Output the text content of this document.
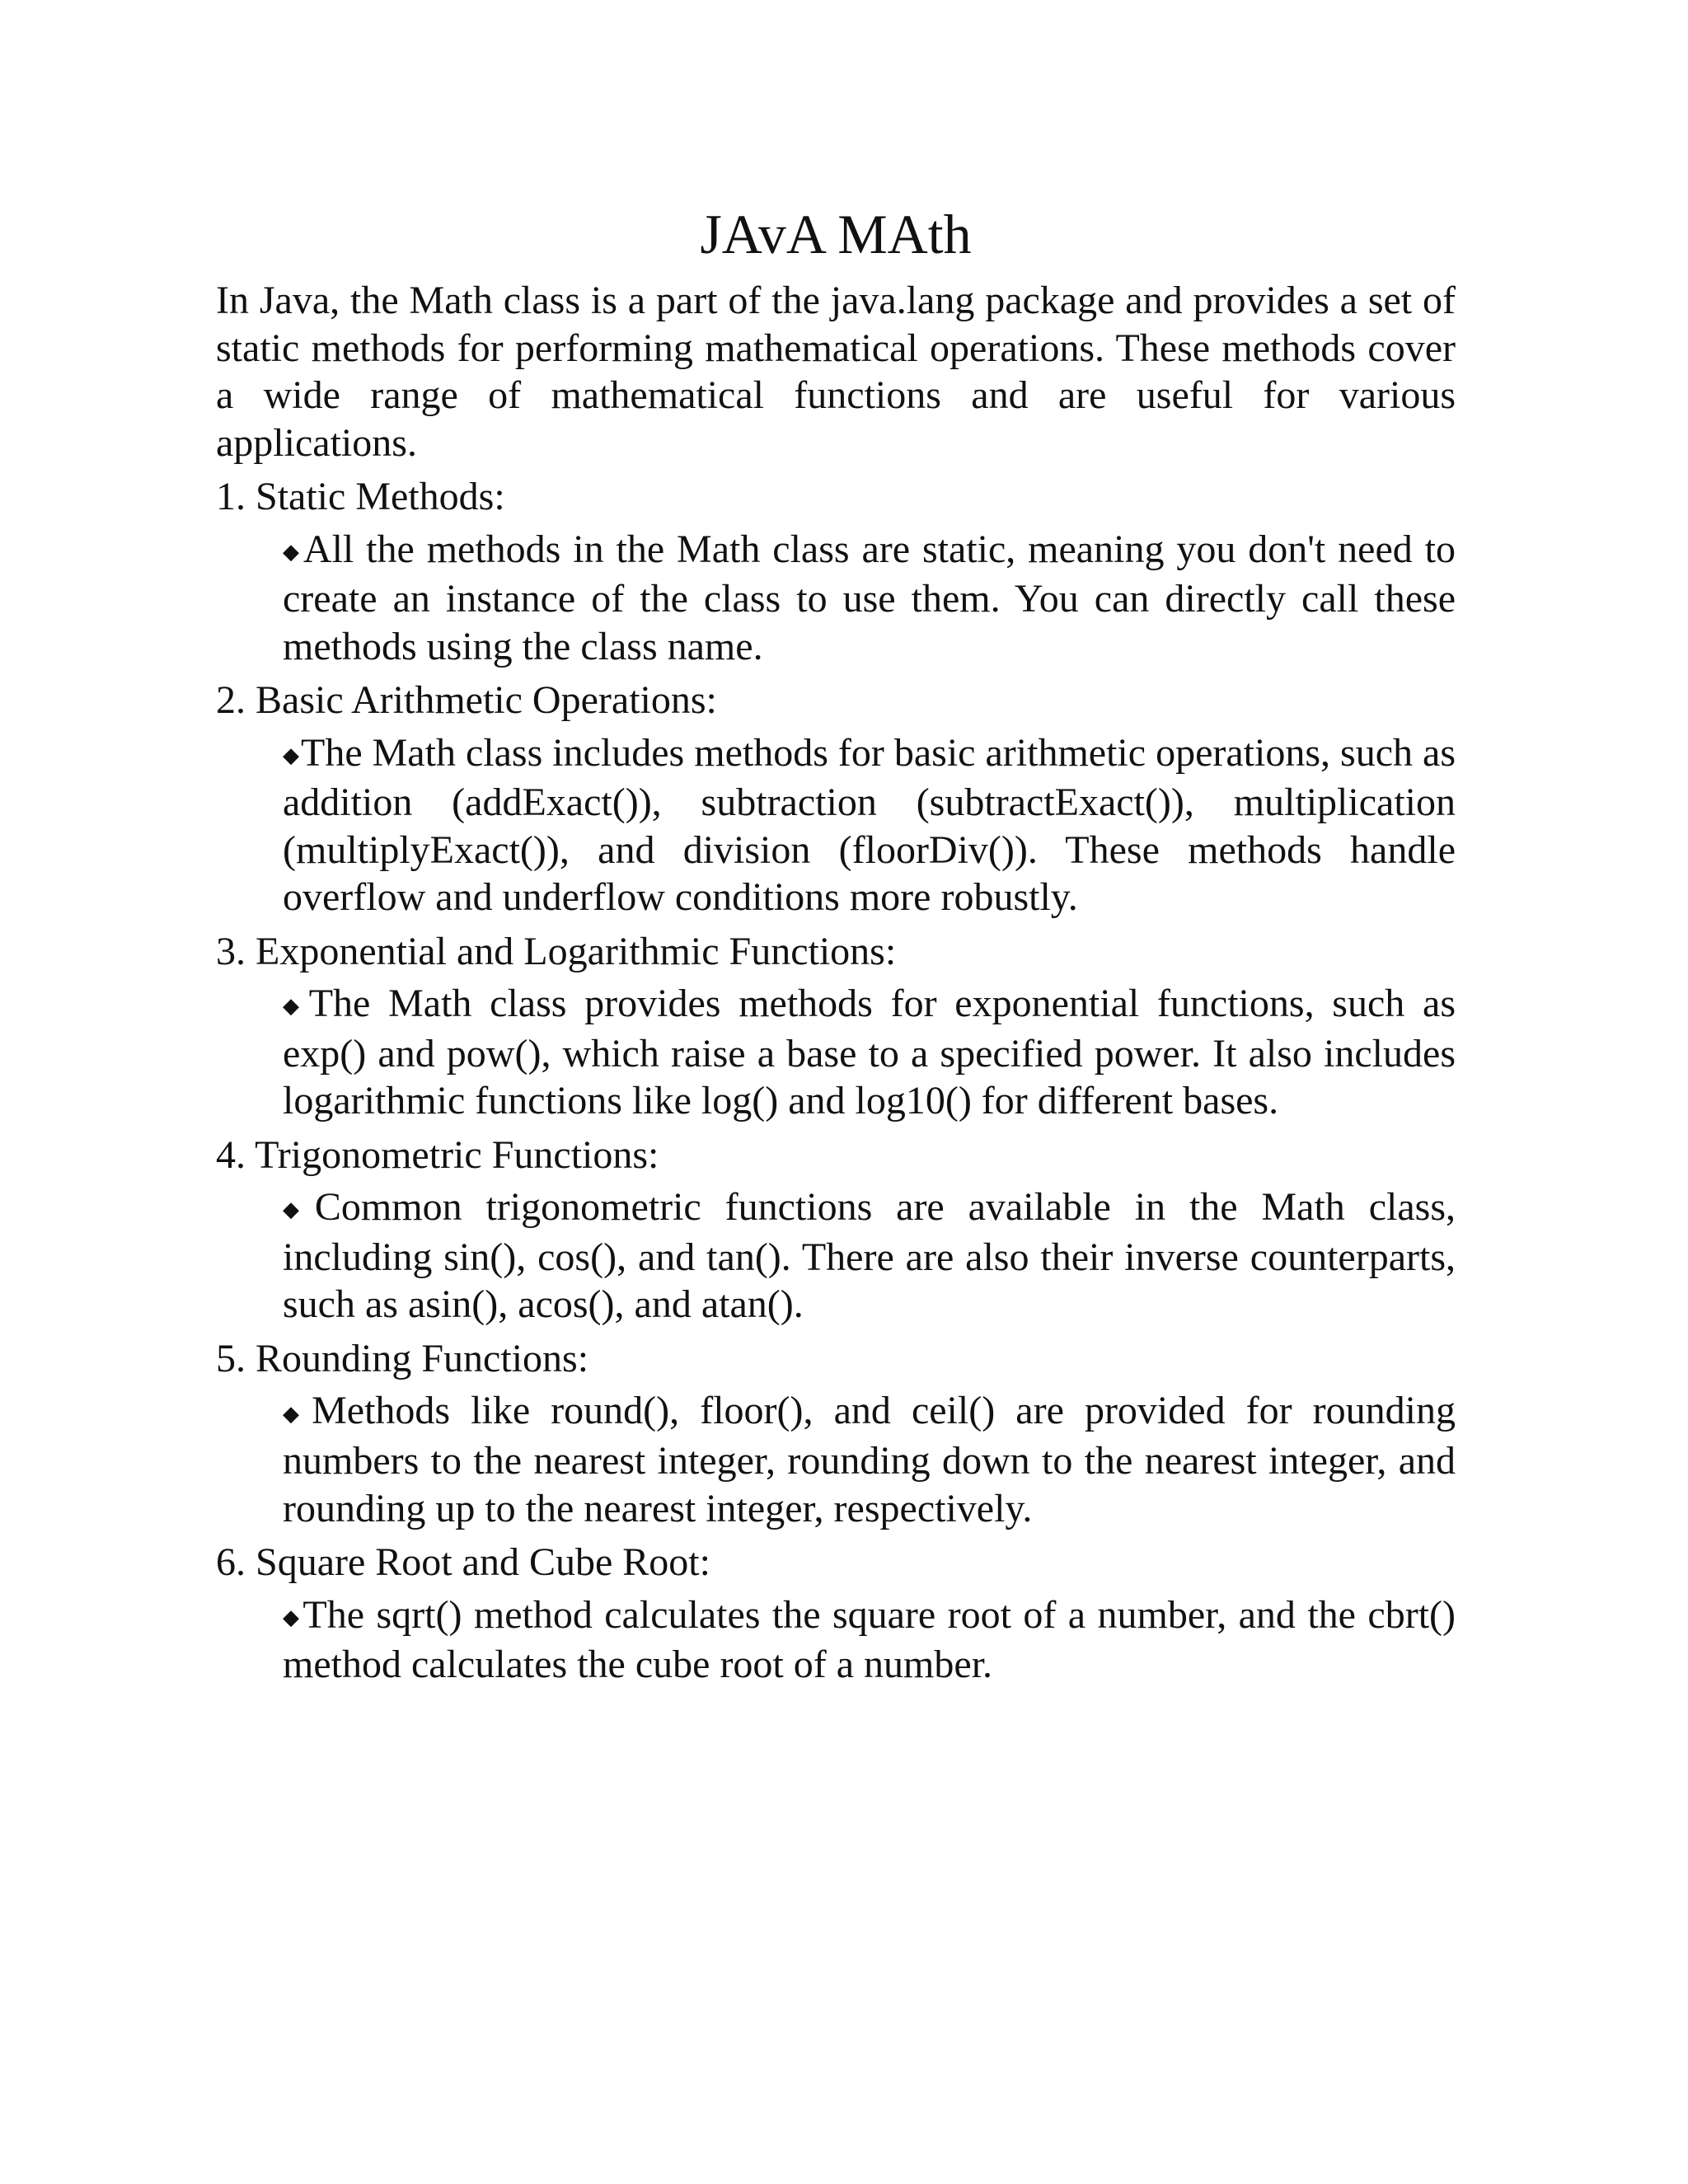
JAvA MAth

In Java, the Math class is a part of the java.lang package and provides a set of static methods for performing mathematical operations. These methods cover a wide range of mathematical functions and are useful for various applications.

1. Static Methods:

◆All the methods in the Math class are static, meaning you don't need to create an instance of the class to use them. You can directly call these methods using the class name.

2. Basic Arithmetic Operations:

◆The Math class includes methods for basic arithmetic operations, such as addition (addExact()), subtraction (subtractExact()), multiplication (multiplyExact()), and division (floorDiv()). These methods handle overflow and underflow conditions more robustly.

3. Exponential and Logarithmic Functions:

◆The Math class provides methods for exponential functions, such as exp() and pow(), which raise a base to a specified power. It also includes logarithmic functions like log() and log10() for different bases.

4. Trigonometric Functions:

◆Common trigonometric functions are available in the Math class, including sin(), cos(), and tan(). There are also their inverse counterparts, such as asin(), acos(), and atan().

5. Rounding Functions:

◆Methods like round(), floor(), and ceil() are provided for rounding numbers to the nearest integer, rounding down to the nearest integer, and rounding up to the nearest integer, respectively.

6. Square Root and Cube Root:

◆The sqrt() method calculates the square root of a number, and the cbrt() method calculates the cube root of a number.
